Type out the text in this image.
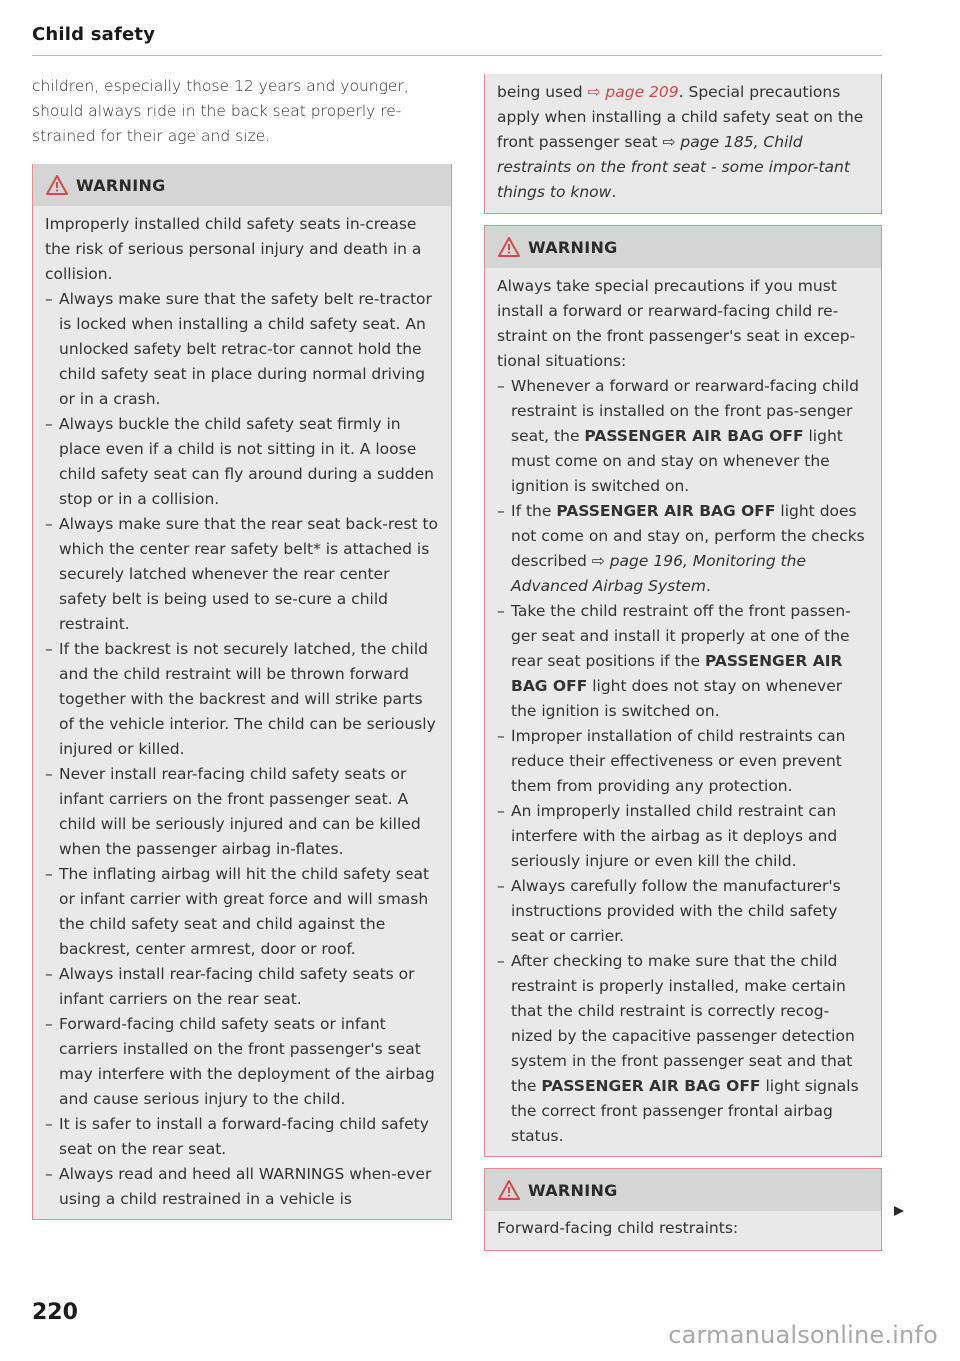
Child safety

children, especially those 12 years and younger, should always ride in the back seat properly re-strained for their age and size.

WARNING

Improperly installed child safety seats in-crease the risk of serious personal injury and death in a collision.

– Always make sure that the safety belt re-tractor is locked when installing a child safety seat. An unlocked safety belt retrac-tor cannot hold the child safety seat in place during normal driving or in a crash.
– Always buckle the child safety seat firmly in place even if a child is not sitting in it. A loose child safety seat can fly around during a sudden stop or in a collision.
– Always make sure that the rear seat back-rest to which the center rear safety belt* is attached is securely latched whenever the rear center safety belt is being used to se-cure a child restraint.
– If the backrest is not securely latched, the child and the child restraint will be thrown forward together with the backrest and will strike parts of the vehicle interior. The child can be seriously injured or killed.
– Never install rear-facing child safety seats or infant carriers on the front passenger seat. A child will be seriously injured and can be killed when the passenger airbag in-flates.
– The inflating airbag will hit the child safety seat or infant carrier with great force and will smash the child safety seat and child against the backrest, center armrest, door or roof.
– Always install rear-facing child safety seats or infant carriers on the rear seat.
– Forward-facing child safety seats or infant carriers installed on the front passenger's seat may interfere with the deployment of the airbag and cause serious injury to the child.
– It is safer to install a forward-facing child safety seat on the rear seat.
– Always read and heed all WARNINGS when-ever using a child restrained in a vehicle is

being used ⇨ page 209. Special precautions apply when installing a child safety seat on the front passenger seat ⇨ page 185, Child restraints on the front seat - some impor-tant things to know.

WARNING

Always take special precautions if you must install a forward or rearward-facing child re-straint on the front passenger's seat in excep-tional situations:

– Whenever a forward or rearward-facing child restraint is installed on the front pas-senger seat, the PASSENGER AIR BAG OFF light must come on and stay on whenever the ignition is switched on.
– If the PASSENGER AIR BAG OFF light does not come on and stay on, perform the checks described ⇨ page 196, Monitoring the Advanced Airbag System.
– Take the child restraint off the front passen-ger seat and install it properly at one of the rear seat positions if the PASSENGER AIR BAG OFF light does not stay on whenever the ignition is switched on.
– Improper installation of child restraints can reduce their effectiveness or even prevent them from providing any protection.
– An improperly installed child restraint can interfere with the airbag as it deploys and seriously injure or even kill the child.
– Always carefully follow the manufacturer's instructions provided with the child safety seat or carrier.
– After checking to make sure that the child restraint is properly installed, make certain that the child restraint is correctly recog-nized by the capacitive passenger detection system in the front passenger seat and that the PASSENGER AIR BAG OFF light signals the correct front passenger frontal airbag status.
WARNING

Forward-facing child restraints:

220
carmanualsonline.info
